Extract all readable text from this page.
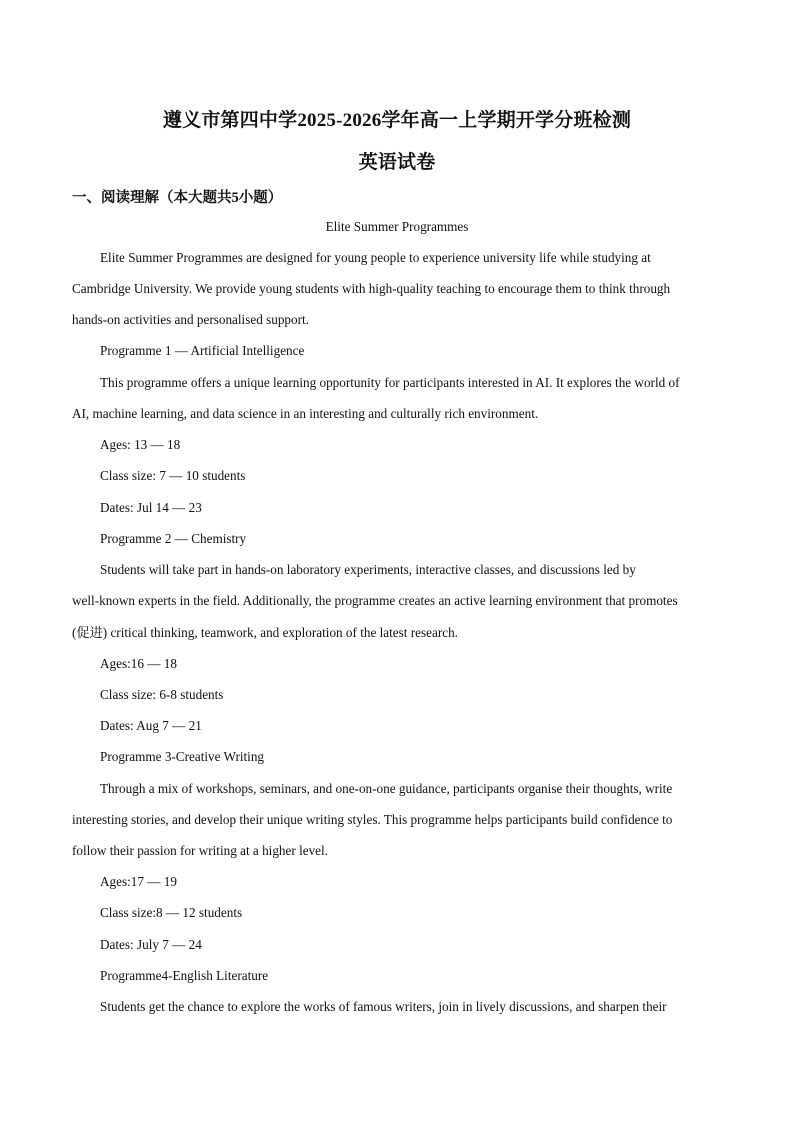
遵义市第四中学2025-2026学年高一上学期开学分班检测
英语试卷

一、阅读理解（本大题共5小题）

Elite Summer Programmes

Elite Summer Programmes are designed for young people to experience university life while studying at

Cambridge University. We provide young students with high-quality teaching to encourage them to think through

hands-on activities and personalised support.

Programme 1 — Artificial Intelligence

This programme offers a unique learning opportunity for participants interested in AI. It explores the world of

AI, machine learning, and data science in an interesting and culturally rich environment.

Ages: 13 — 18

Class size: 7 — 10 students

Dates: Jul 14 — 23

Programme 2 — Chemistry

Students will take part in hands-on laboratory experiments, interactive classes, and discussions led by

well-known experts in the field. Additionally, the programme creates an active learning environment that promotes

(促进) critical thinking, teamwork, and exploration of the latest research.

Ages:16 — 18

Class size: 6-8 students

Dates: Aug 7 — 21

Programme 3-Creative Writing

Through a mix of workshops, seminars, and one-on-one guidance, participants organise their thoughts, write

interesting stories, and develop their unique writing styles. This programme helps participants build confidence to

follow their passion for writing at a higher level.

Ages:17 — 19

Class size:8 — 12 students

Dates: July 7 — 24

Programme4-English Literature

Students get the chance to explore the works of famous writers, join in lively discussions, and sharpen their
